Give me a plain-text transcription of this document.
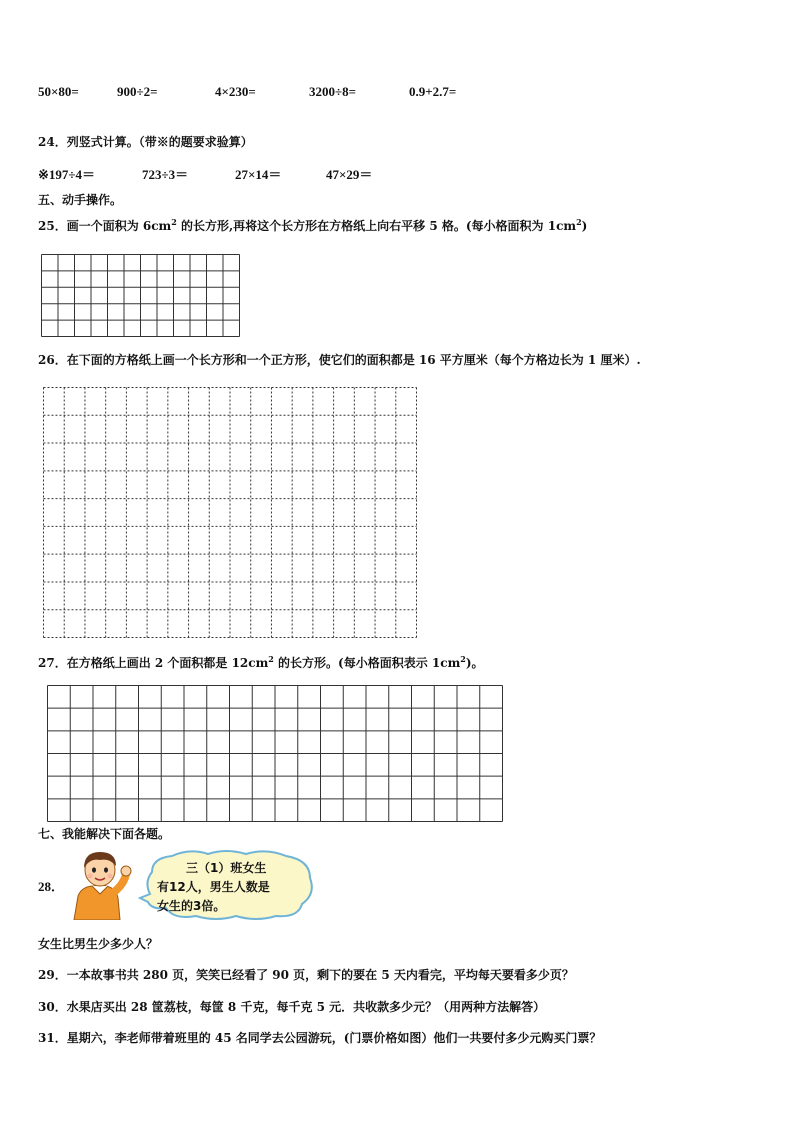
50×80=	900÷2=	4×230=	3200÷8=	0.9+2.7=
24．列竖式计算。（带※的题要求验算）
※197÷4＝	723÷3＝	27×14＝	47×29＝
五、动手操作。
25．画一个面积为 $6cm^2$ 的长方形,再将这个长方形在方格纸上向右平移 5 格。(每小格面积为 $1cm^2$)
26．在下面的方格纸上画一个长方形和一个正方形，使它们的面积都是 16 平方厘米（每个方格边长为 1 厘米）.
27．在方格纸上画出 2 个面积都是 $12cm^2$ 的长方形。(每小格面积表示 $1cm^2$)。
七、我能解决下面各题。
28．
三（1）班女生
有12人，男生人数是
女生的3倍。
女生比男生少多少人？
29．一本故事书共 280 页，笑笑已经看了 90 页，剩下的要在 5 天内看完，平均每天要看多少页？
30．水果店买出 28 筐荔枝，每筐 8 千克，每千克 5 元．共收款多少元？（用两种方法解答）
31．星期六，李老师带着班里的 45 名同学去公园游玩，(门票价格如图）他们一共要付多少元购买门票？
